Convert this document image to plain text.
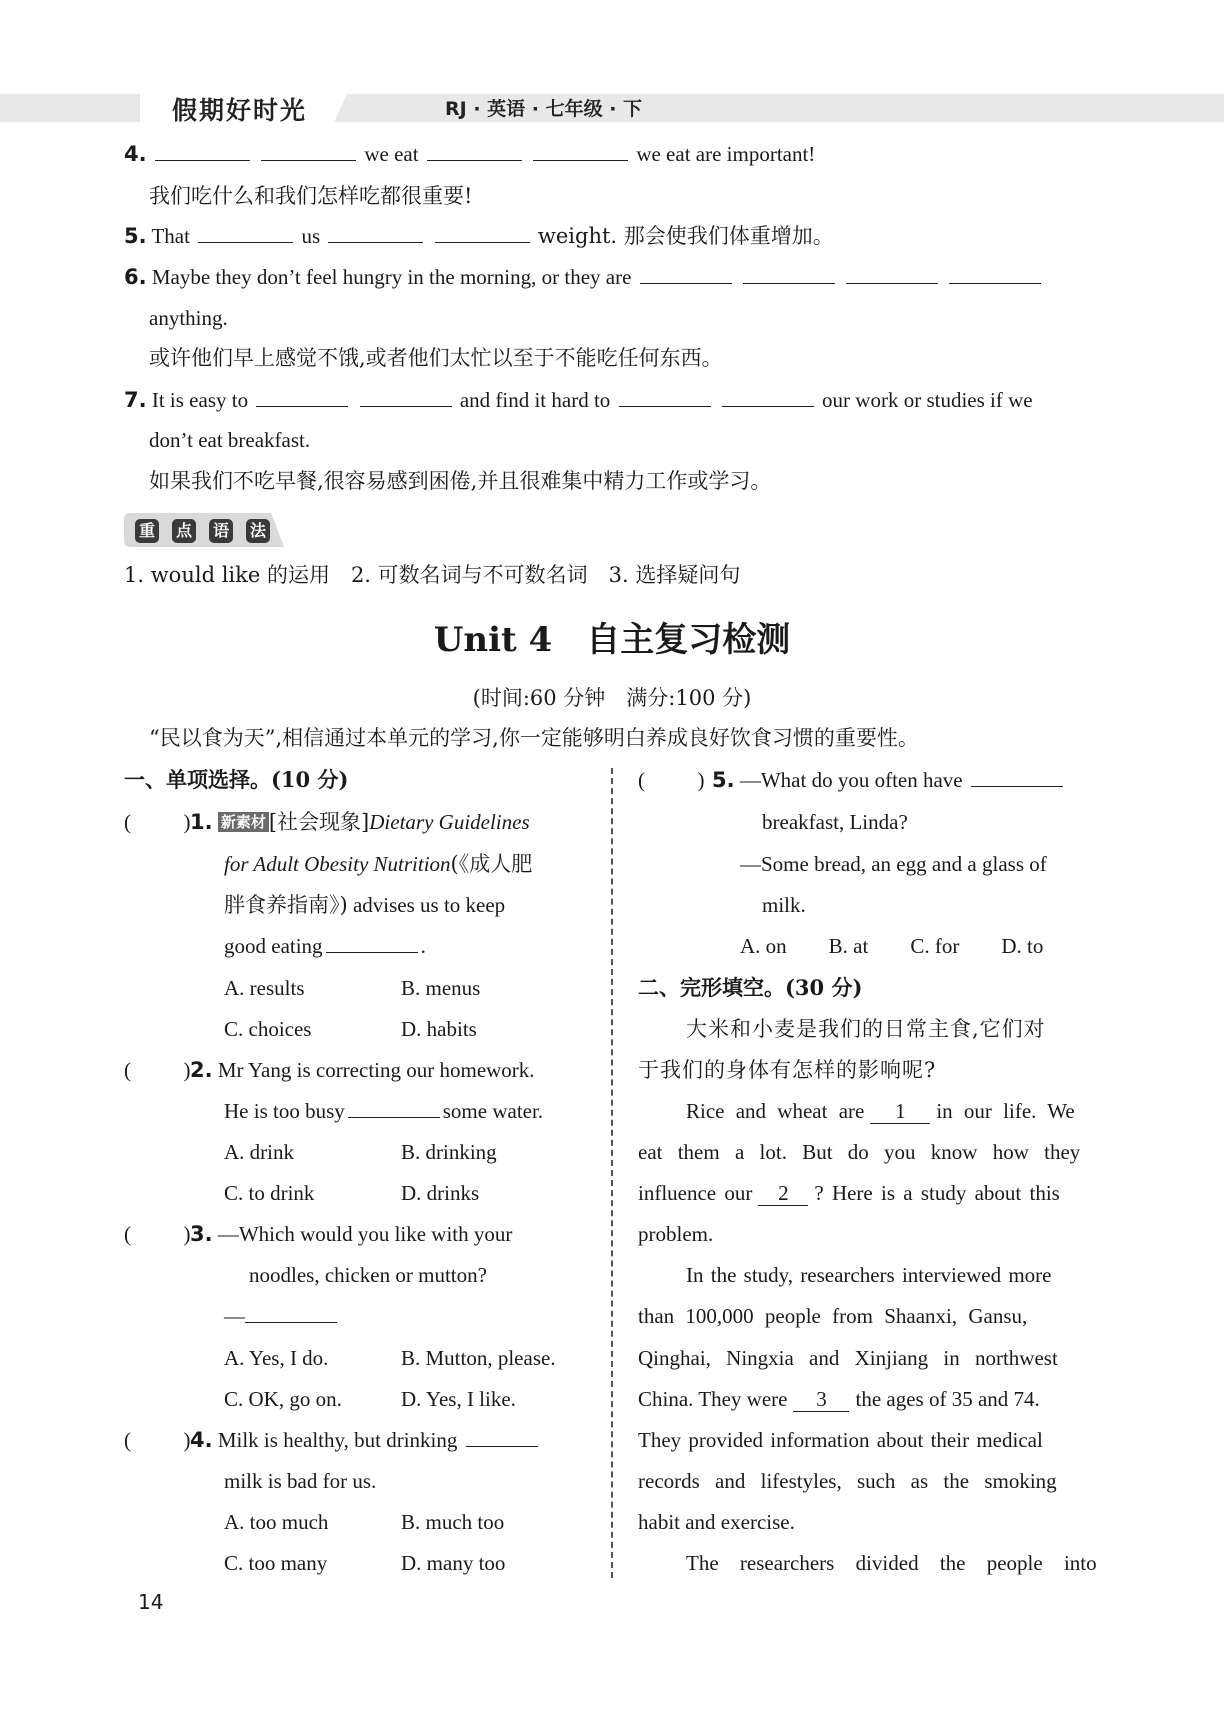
假期好时光	RJ · 英语 · 七年级 · 下
4.	we eat	we eat are important!
我们吃什么和我们怎样吃都很重要!
5. That	us	weight. 那会使我们体重增加。
6. Maybe they don’t feel hungry in the morning, or they are
anything.
或许他们早上感觉不饿,或者他们太忙以至于不能吃任何东西。
7. It is easy to	and find it hard to	our work or studies if we
don’t eat breakfast.
如果我们不吃早餐,很容易感到困倦,并且很难集中精力工作或学习。
重 点 语 法
1. would like 的运用　2. 可数名词与不可数名词　3. 选择疑问句
Unit 4　自主复习检测
(时间:60 分钟　满分:100 分)
“民以食为天”,相信通过本单元的学习,你一定能够明白养成良好饮食习惯的重要性。
一、单项选择。(10 分)
(   ) 1. 新素材 [社会现象]Dietary Guidelines
for Adult Obesity Nutrition(《成人肥
胖食养指南》) advises us to keep
good eating	.
A. results	B. menus
C. choices	D. habits
(   ) 2. Mr Yang is correcting our homework.
He is too busy	some water.
A. drink	B. drinking
C. to drink	D. drinks
(   ) 3. —Which would you like with your
noodles, chicken or mutton?
—
A. Yes, I do.	B. Mutton, please.
C. OK, go on.	D. Yes, I like.
(   ) 4. Milk is healthy, but drinking
milk is bad for us.
A. too much	B. much too
C. too many	D. many too
(   ) 5. —What do you often have
breakfast, Linda?
—Some bread, an egg and a glass of
milk.
A. on　　B. at　　C. for　　D. to
二、完形填空。(30 分)
大米和小麦是我们的日常主食,它们对
于我们的身体有怎样的影响呢?
Rice and wheat are 1 in our life. We
eat them a lot. But do you know how they
influence our 2 ? Here is a study about this
problem.
In the study, researchers interviewed more
than 100,000 people from Shaanxi, Gansu,
Qinghai, Ningxia and Xinjiang in northwest
China. They were 3 the ages of 35 and 74.
They provided information about their medical
records and lifestyles, such as the smoking
habit and exercise.
The researchers divided the people into
14
